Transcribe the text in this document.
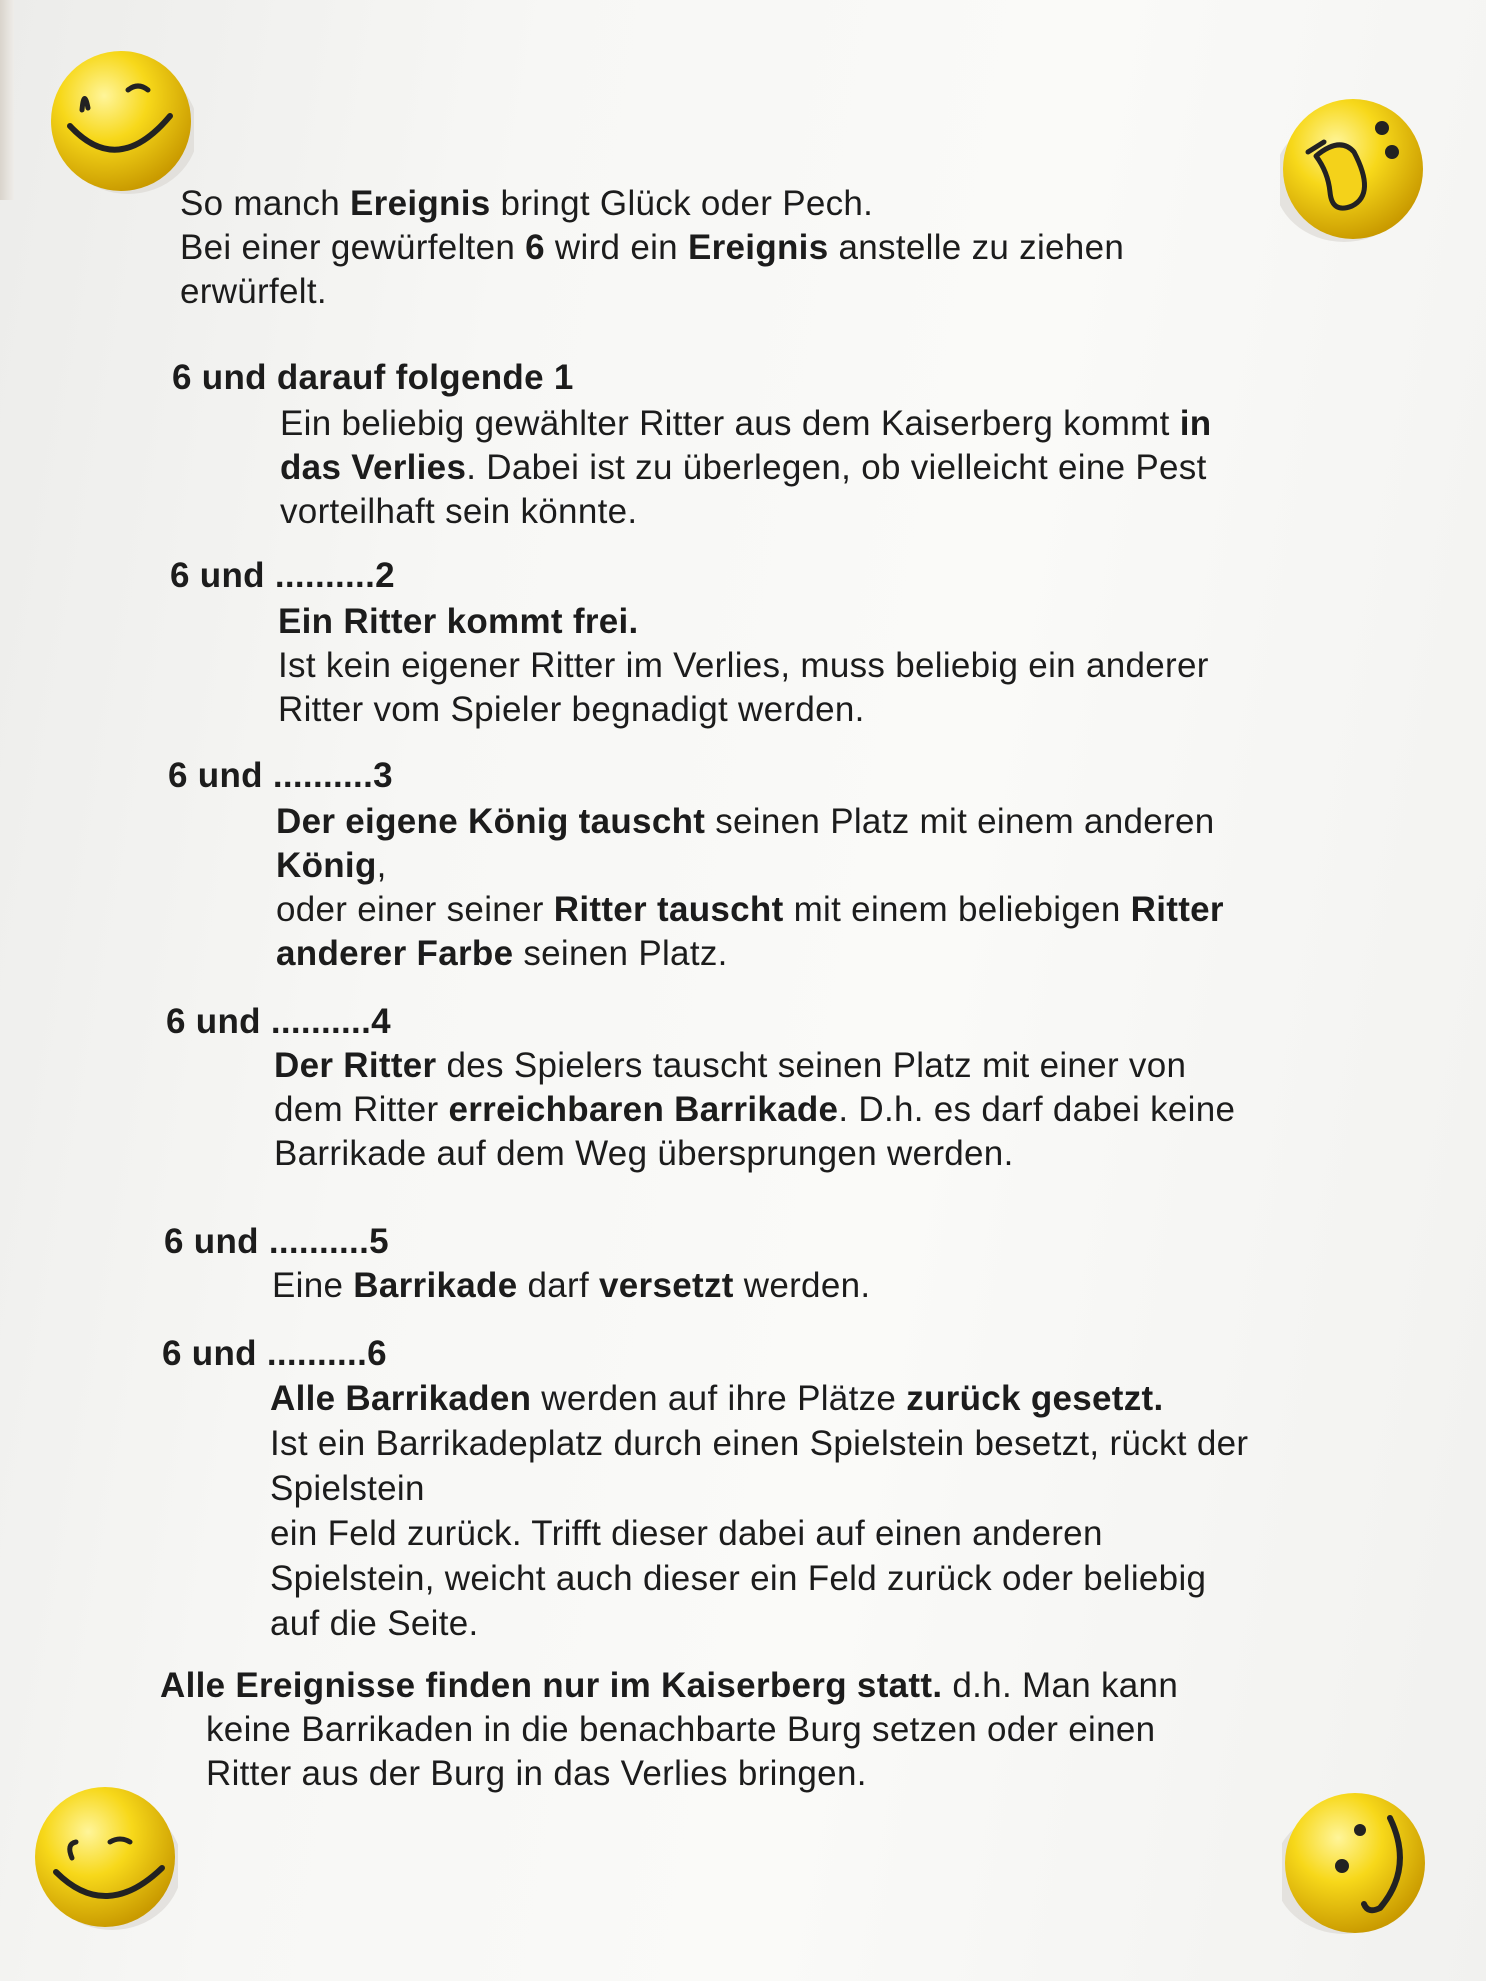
So manch Ereignis bringt Glück oder Pech.
Bei einer gewürfelten 6 wird ein Ereignis anstelle zu ziehen
erwürfelt.
6 und darauf folgende 1
Ein beliebig gewählter Ritter aus dem Kaiserberg kommt in
das Verlies. Dabei ist zu überlegen, ob vielleicht eine Pest
vorteilhaft sein könnte.
6 und ..........2
Ein Ritter kommt frei.
Ist kein eigener Ritter im Verlies, muss beliebig ein anderer
Ritter vom Spieler begnadigt werden.
6 und ..........3
Der eigene König tauscht seinen Platz mit einem anderen
König,
oder einer seiner Ritter tauscht mit einem beliebigen Ritter
anderer Farbe seinen Platz.
6 und ..........4
Der Ritter des Spielers tauscht seinen Platz mit einer von
dem Ritter erreichbaren Barrikade. D.h. es darf dabei keine
Barrikade auf dem Weg übersprungen werden.
6 und ..........5
Eine Barrikade darf versetzt werden.
6 und ..........6
Alle Barrikaden werden auf ihre Plätze zurück gesetzt.
Ist ein Barrikadeplatz durch einen Spielstein besetzt, rückt der
Spielstein
ein Feld zurück. Trifft dieser dabei auf einen anderen
Spielstein, weicht auch dieser ein Feld zurück oder beliebig
auf die Seite.
Alle Ereignisse finden nur im Kaiserberg statt. d.h. Man kann
keine Barrikaden in die benachbarte Burg setzen oder einen
Ritter aus der Burg in das Verlies bringen.
